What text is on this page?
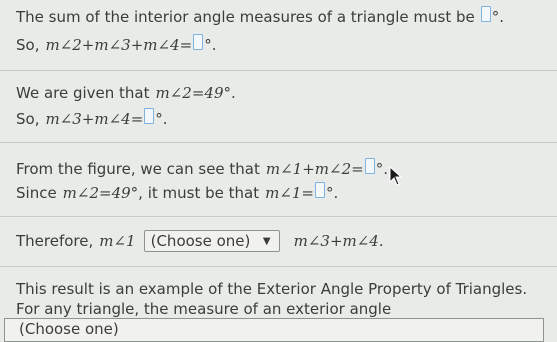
The sum of the interior angle measures of a triangle must be °.
So, m∠2+m∠3+m∠4= °.
We are given that m∠2=49°.
So, m∠3+m∠4= °.
From the figure, we can see that m∠1+m∠2= °.
Since m∠2=49° , it must be that m∠1= °.
Therefore, m∠1 (Choose one) ▼ m∠3+m∠4.
This result is an example of the Exterior Angle Property of Triangles.
For any triangle, the measure of an exterior angle
(Choose one)
